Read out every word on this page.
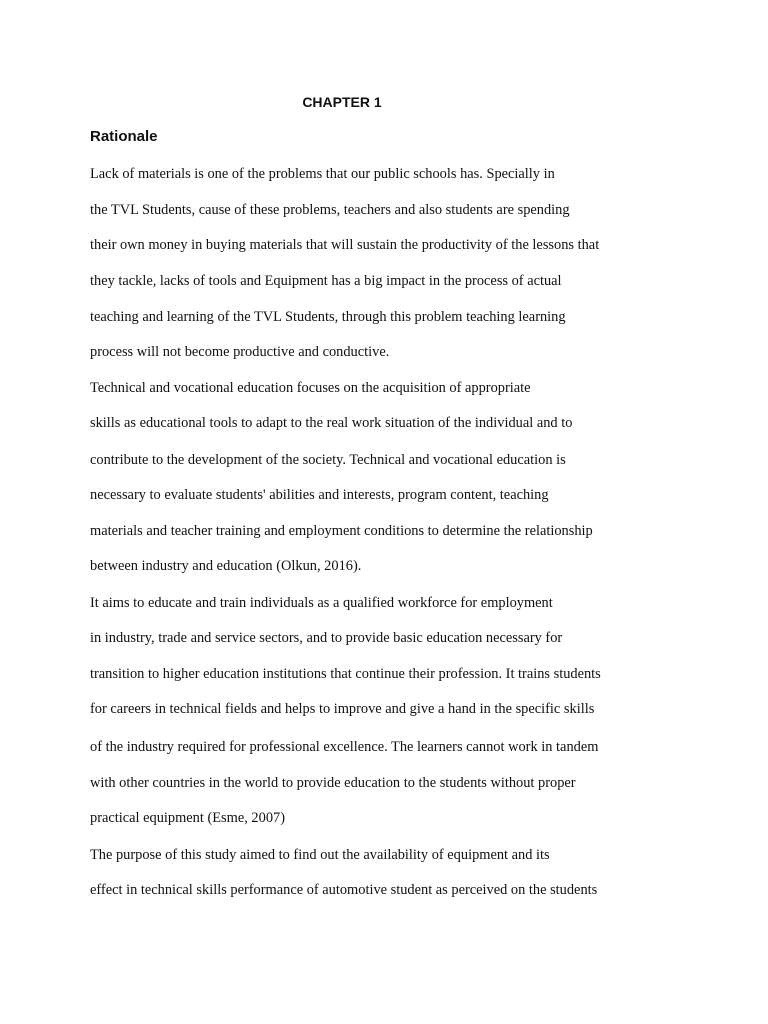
CHAPTER 1
Rationale

Lack of materials is one of the problems that our public schools has. Specially in

the TVL Students, cause of these problems, teachers and also students are spending

their own money in buying materials that will sustain the productivity of the lessons that

they tackle, lacks of tools and Equipment has a big impact in the process of actual

teaching and learning of the TVL Students, through this problem teaching learning

process will not become productive and conductive.

Technical and vocational education focuses on the acquisition of appropriate

skills as educational tools to adapt to the real work situation of the individual and to

contribute to the development of the society. Technical and vocational education is

necessary to evaluate students' abilities and interests, program content, teaching

materials and teacher training and employment conditions to determine the relationship

between industry and education (Olkun, 2016).

It aims to educate and train individuals as a qualified workforce for employment

in industry, trade and service sectors, and to provide basic education necessary for

transition to higher education institutions that continue their profession. It trains students

for careers in technical fields and helps to improve and give a hand in the specific skills

of the industry required for professional excellence. The learners cannot work in tandem

with other countries in the world to provide education to the students without proper

practical equipment (Esme, 2007)

The purpose of this study aimed to find out the availability of equipment and its

effect in technical skills performance of automotive student as perceived on the students
